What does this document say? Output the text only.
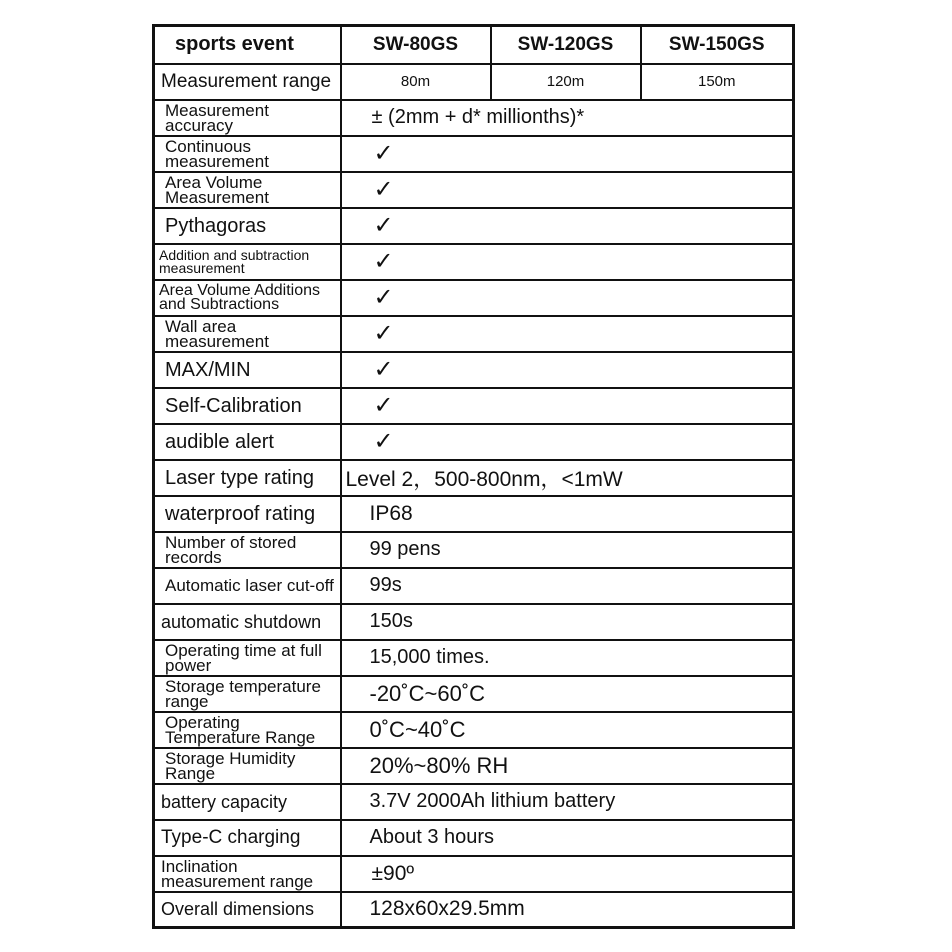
sports event	SW-80GS	SW-120GS	SW-150GS
Measurement range	80m	120m	150m
Measurement accuracy	± (2mm + d* millionths)*		
Continuous measurement	✓		
Area Volume Measurement	✓		
Pythagoras	✓		
Addition and subtraction measurement	✓		
Area Volume Additions and Subtractions	✓		
Wall area measurement	✓		
MAX/MIN	✓		
Self-Calibration	✓		
audible alert	✓		
Laser type rating	Level 2，500-800nm，<1mW		
waterproof rating	IP68		
Number of stored records	99 pens		
Automatic laser cut-off	99s		
automatic shutdown	150s		
Operating time at full power	15,000 times.		
Storage temperature range	-20˚C~60˚C		
Operating Temperature Range	0˚C~40˚C		
Storage Humidity Range	20%~80% RH		
battery capacity	3.7V 2000Ah lithium battery		
Type-C charging	About 3 hours		
Inclination measurement range	±90º		
Overall dimensions	128x60x29.5mm		
